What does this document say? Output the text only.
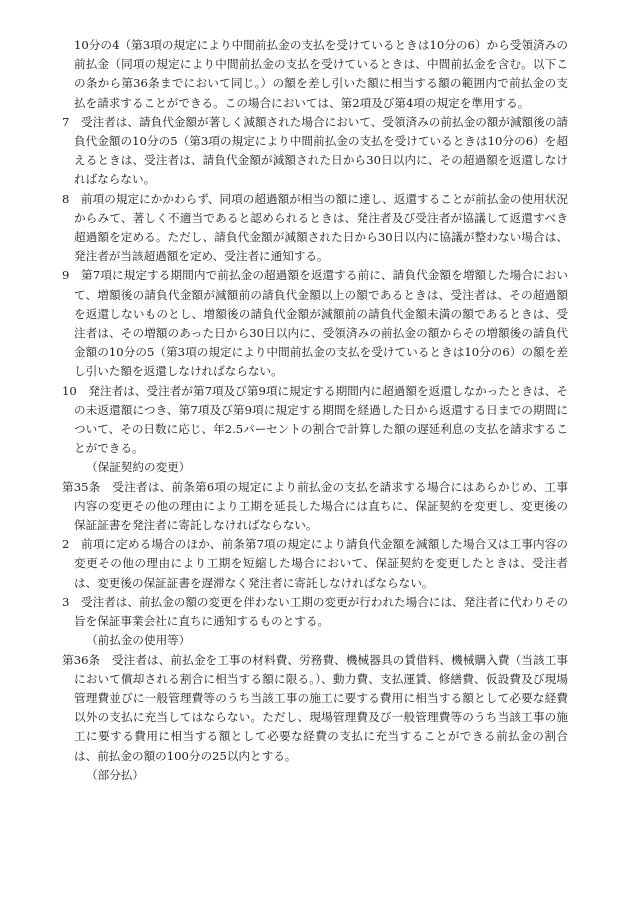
10分の4（第3項の規定により中間前払金の支払を受けているときは10分の6）から受領済みの前払金（同項の規定により中間前払金の支払を受けているときは、中間前払金を含む。以下この条から第36条までにおいて同じ。）の額を差し引いた額に相当する額の範囲内で前払金の支払を請求することができる。この場合においては、第2項及び第4項の規定を準用する。

7　受注者は、請負代金額が著しく減額された場合において、受領済みの前払金の額が減額後の請負代金額の10分の5（第3項の規定により中間前払金の支払を受けているときは10分の6）を超えるときは、受注者は、請負代金額が減額された日から30日以内に、その超過額を返還しなければならない。

8　前項の規定にかかわらず、同項の超過額が相当の額に達し、返還することが前払金の使用状況からみて、著しく不適当であると認められるときは、発注者及び受注者が協議して返還すべき超過額を定める。ただし、請負代金額が減額された日から30日以内に協議が整わない場合は、発注者が当該超過額を定め、受注者に通知する。

9　第7項に規定する期間内で前払金の超過額を返還する前に、請負代金額を増額した場合において、増額後の請負代金額が減額前の請負代金額以上の額であるときは、受注者は、その超過額を返還しないものとし、増額後の請負代金額が減額前の請負代金額未満の額であるときは、受注者は、その増額のあった日から30日以内に、受領済みの前払金の額からその増額後の請負代金額の10分の5（第3項の規定により中間前払金の支払を受けているときは10分の6）の額を差し引いた額を返還しなければならない。

10　発注者は、受注者が第7項及び第9項に規定する期間内に超過額を返還しなかったときは、その未返還額につき、第7項及び第9項に規定する期間を経過した日から返還する日までの期間について、その日数に応じ、年2.5パーセントの割合で計算した額の遅延利息の支払を請求することができる。

（保証契約の変更）

第35条　受注者は、前条第6項の規定により前払金の支払を請求する場合にはあらかじめ、工事内容の変更その他の理由により工期を延長した場合には直ちに、保証契約を変更し、変更後の保証証書を発注者に寄託しなければならない。

2　前項に定める場合のほか、前条第7項の規定により請負代金額を減額した場合又は工事内容の変更その他の理由により工期を短縮した場合において、保証契約を変更したときは、受注者は、変更後の保証証書を遅滞なく発注者に寄託しなければならない。

3　受注者は、前払金の額の変更を伴わない工期の変更が行われた場合には、発注者に代わりその旨を保証事業会社に直ちに通知するものとする。

（前払金の使用等）

第36条　受注者は、前払金を工事の材料費、労務費、機械器具の賃借料、機械購入費（当該工事において償却される割合に相当する額に限る。）、動力費、支払運賃、修繕費、仮設費及び現場管理費並びに一般管理費等のうち当該工事の施工に要する費用に相当する額として必要な経費以外の支払に充当してはならない。ただし、現場管理費及び一般管理費等のうち当該工事の施工に要する費用に相当する額として必要な経費の支払に充当することができる前払金の割合は、前払金の額の100分の25以内とする。

（部分払）
